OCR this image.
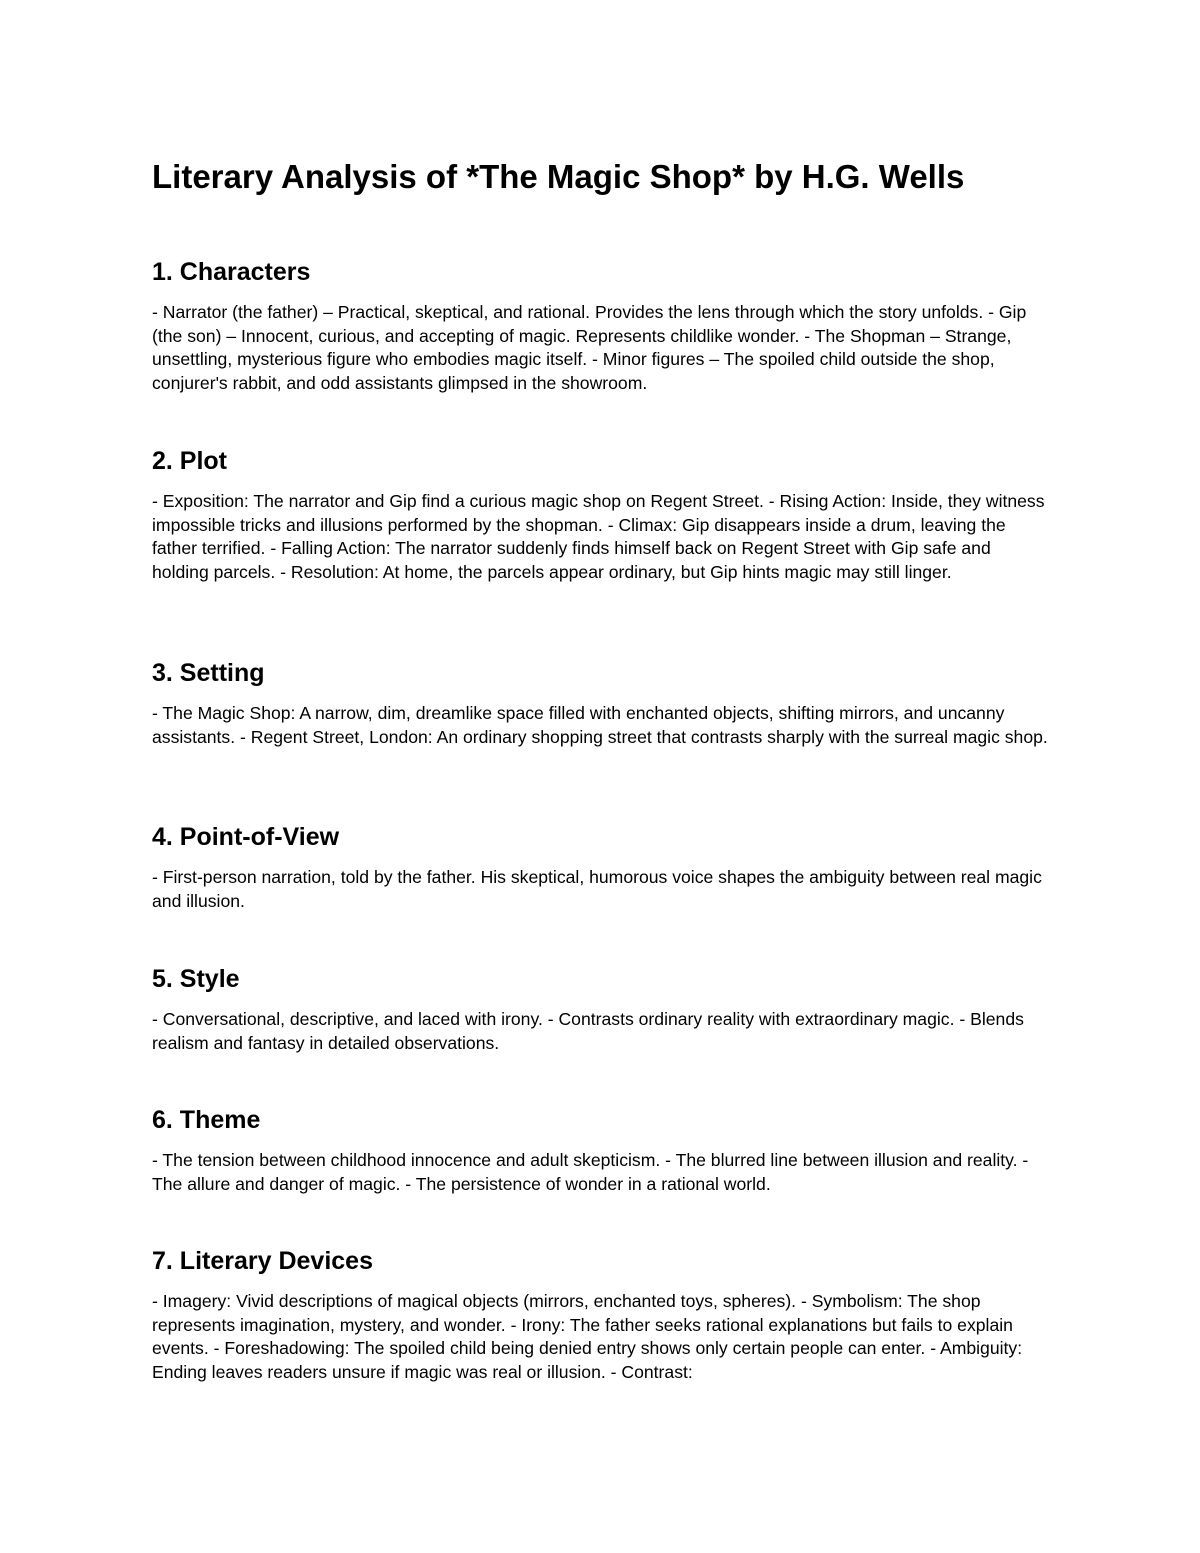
Literary Analysis of *The Magic Shop* by H.G. Wells
1. Characters

- Narrator (the father) – Practical, skeptical, and rational. Provides the lens through which the story unfolds. - Gip (the son) – Innocent, curious, and accepting of magic. Represents childlike wonder. - The Shopman – Strange, unsettling, mysterious figure who embodies magic itself. - Minor figures – The spoiled child outside the shop, conjurer's rabbit, and odd assistants glimpsed in the showroom.

2. Plot

- Exposition: The narrator and Gip find a curious magic shop on Regent Street. - Rising Action: Inside, they witness impossible tricks and illusions performed by the shopman. - Climax: Gip disappears inside a drum, leaving the father terrified. - Falling Action: The narrator suddenly finds himself back on Regent Street with Gip safe and holding parcels. - Resolution: At home, the parcels appear ordinary, but Gip hints magic may still linger.

3. Setting

- The Magic Shop: A narrow, dim, dreamlike space filled with enchanted objects, shifting mirrors, and uncanny assistants. - Regent Street, London: An ordinary shopping street that contrasts sharply with the surreal magic shop.

4. Point-of-View

- First-person narration, told by the father. His skeptical, humorous voice shapes the ambiguity between real magic and illusion.

5. Style

- Conversational, descriptive, and laced with irony. - Contrasts ordinary reality with extraordinary magic. - Blends realism and fantasy in detailed observations.

6. Theme

- The tension between childhood innocence and adult skepticism. - The blurred line between illusion and reality. - The allure and danger of magic. - The persistence of wonder in a rational world.

7. Literary Devices

- Imagery: Vivid descriptions of magical objects (mirrors, enchanted toys, spheres). - Symbolism: The shop represents imagination, mystery, and wonder. - Irony: The father seeks rational explanations but fails to explain events. - Foreshadowing: The spoiled child being denied entry shows only certain people can enter. - Ambiguity: Ending leaves readers unsure if magic was real or illusion. - Contrast:
